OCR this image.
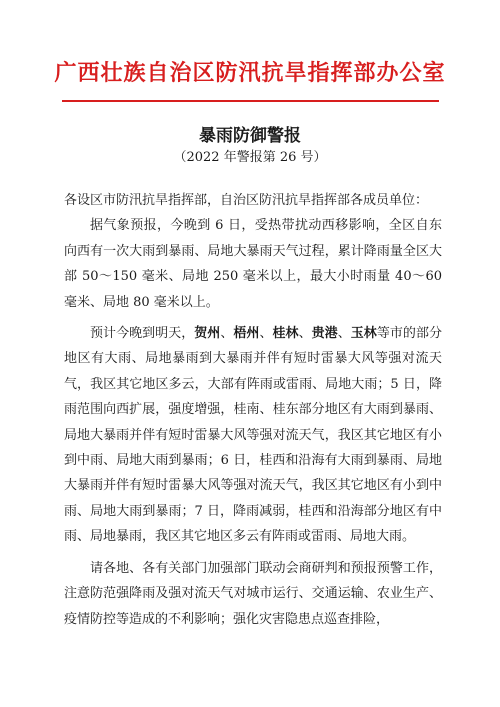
广西壮族自治区防汛抗旱指挥部办公室
暴雨防御警报
（2022 年警报第 26 号）

各设区市防汛抗旱指挥部，自治区防汛抗旱指挥部各成员单位：

据气象预报，今晚到 6 日，受热带扰动西移影响，全区自东向西有一次大雨到暴雨、局地大暴雨天气过程，累计降雨量全区大部 50～150 毫米、局地 250 毫米以上，最大小时雨量 40～60 毫米、局地 80 毫米以上。

预计今晚到明天，贺州、梧州、桂林、贵港、玉林等市的部分地区有大雨、局地暴雨到大暴雨并伴有短时雷暴大风等强对流天气，我区其它地区多云，大部有阵雨或雷雨、局地大雨；5 日，降雨范围向西扩展，强度增强，桂南、桂东部分地区有大雨到暴雨、局地大暴雨并伴有短时雷暴大风等强对流天气，我区其它地区有小到中雨、局地大雨到暴雨；6 日，桂西和沿海有大雨到暴雨、局地大暴雨并伴有短时雷暴大风等强对流天气，我区其它地区有小到中雨、局地大雨到暴雨；7 日，降雨减弱，桂西和沿海部分地区有中雨、局地暴雨，我区其它地区多云有阵雨或雷雨、局地大雨。

请各地、各有关部门加强部门联动会商研判和预报预警工作，注意防范强降雨及强对流天气对城市运行、交通运输、农业生产、疫情防控等造成的不利影响；强化灾害隐患点巡查排险，
